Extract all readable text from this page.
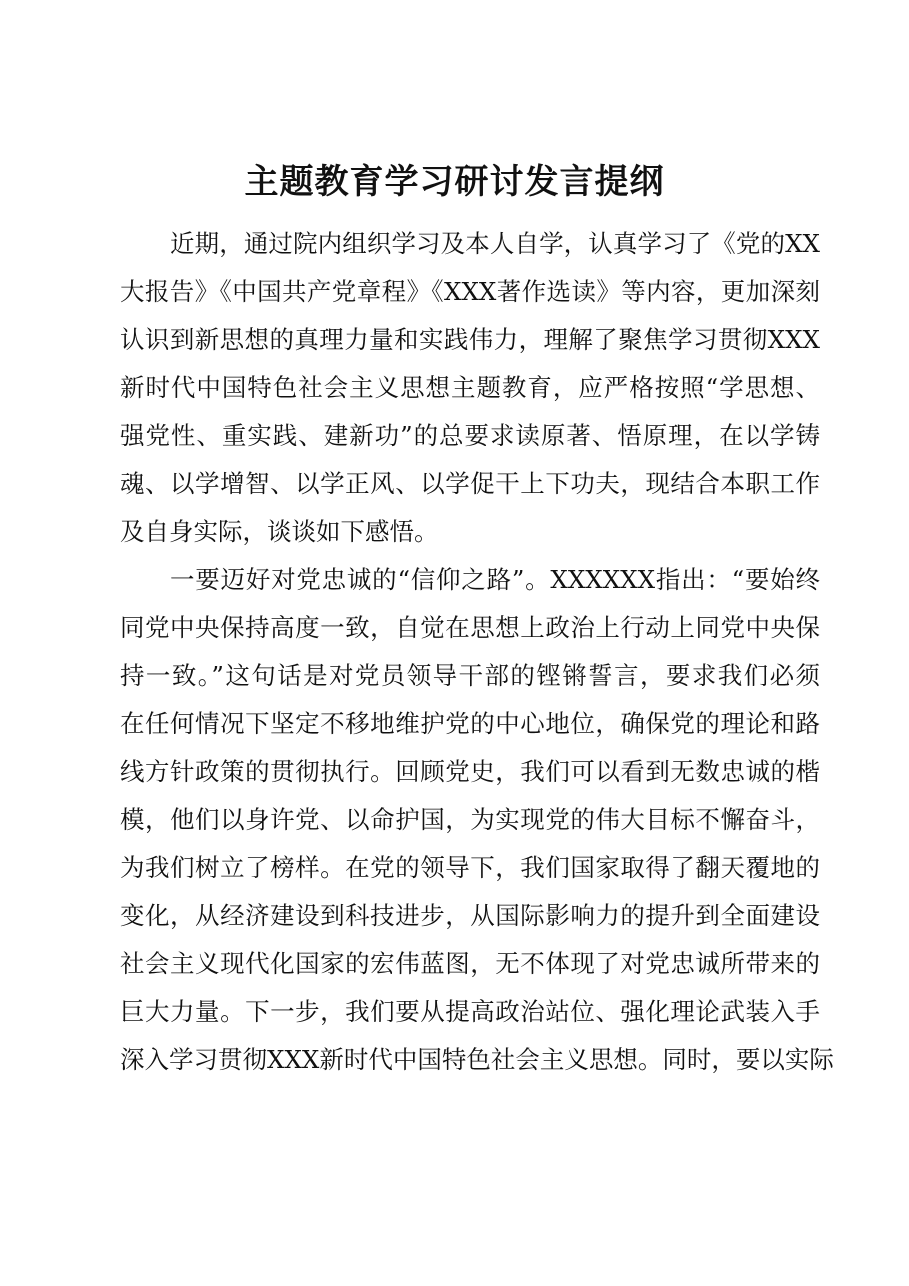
主题教育学习研讨发言提纲
近期，通过院内组织学习及本人自学，认真学习了《党的XX
大报告》《中国共产党章程》《XXX著作选读》等内容，更加深刻
认识到新思想的真理力量和实践伟力，理解了聚焦学习贯彻XXX
新时代中国特色社会主义思想主题教育，应严格按照“学思想、
强党性、重实践、建新功”的总要求读原著、悟原理，在以学铸
魂、以学增智、以学正风、以学促干上下功夫，现结合本职工作
及自身实际，谈谈如下感悟。
一要迈好对党忠诚的“信仰之路”。XXXXXX指出：“要始终
同党中央保持高度一致，自觉在思想上政治上行动上同党中央保
持一致。”这句话是对党员领导干部的铿锵誓言，要求我们必须
在任何情况下坚定不移地维护党的中心地位，确保党的理论和路
线方针政策的贯彻执行。回顾党史，我们可以看到无数忠诚的楷
模，他们以身许党、以命护国，为实现党的伟大目标不懈奋斗，
为我们树立了榜样。在党的领导下，我们国家取得了翻天覆地的
变化，从经济建设到科技进步，从国际影响力的提升到全面建设
社会主义现代化国家的宏伟蓝图，无不体现了对党忠诚所带来的
巨大力量。下一步，我们要从提高政治站位、强化理论武装入手
深入学习贯彻XXX新时代中国特色社会主义思想。同时，要以实际
